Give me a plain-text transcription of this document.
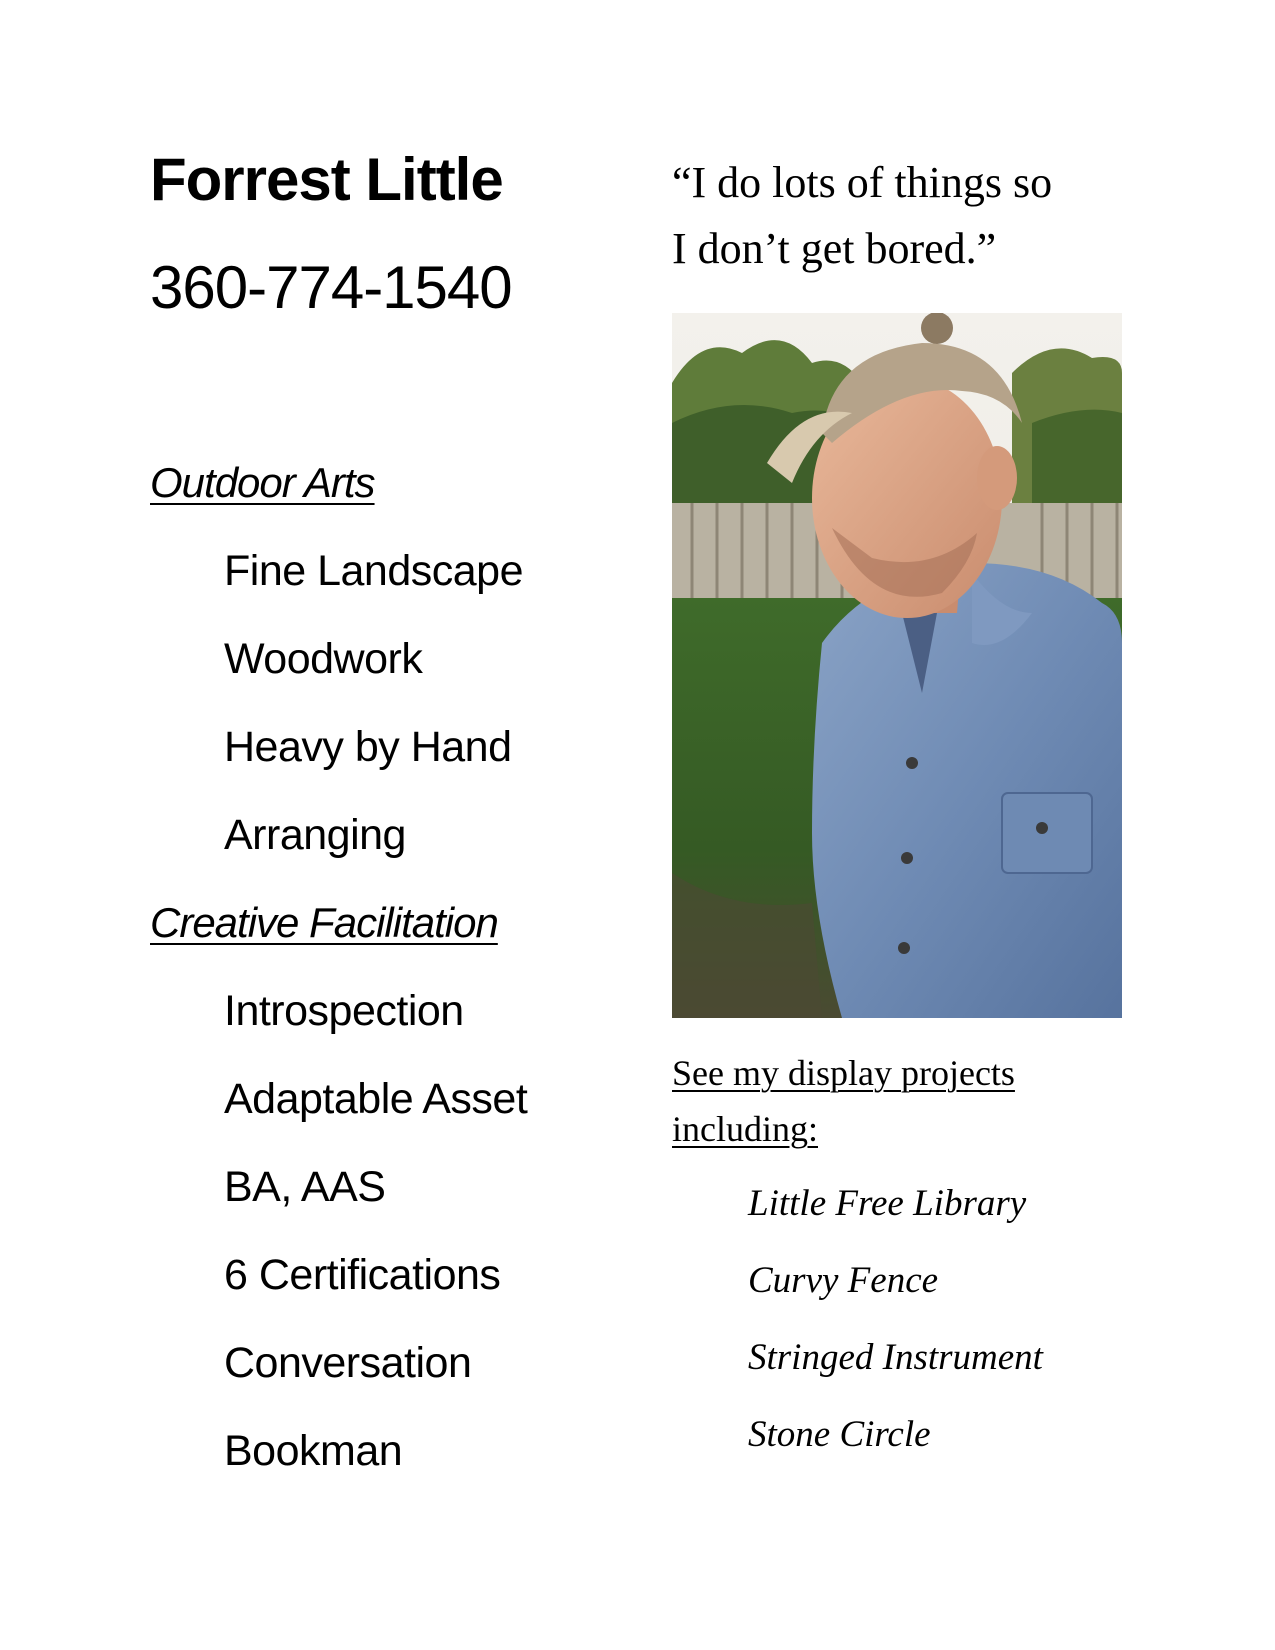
Forrest Little
360-774-1540
Outdoor Arts
Fine Landscape
Woodwork
Heavy by Hand
Arranging
Creative Facilitation
Introspection
Adaptable Asset
BA, AAS
6 Certifications
Conversation
Bookman

“I do lots of things so
I don’t get bored.”

See my display projects
including:

Little Free Library
Curvy Fence
Stringed Instrument
Stone Circle
